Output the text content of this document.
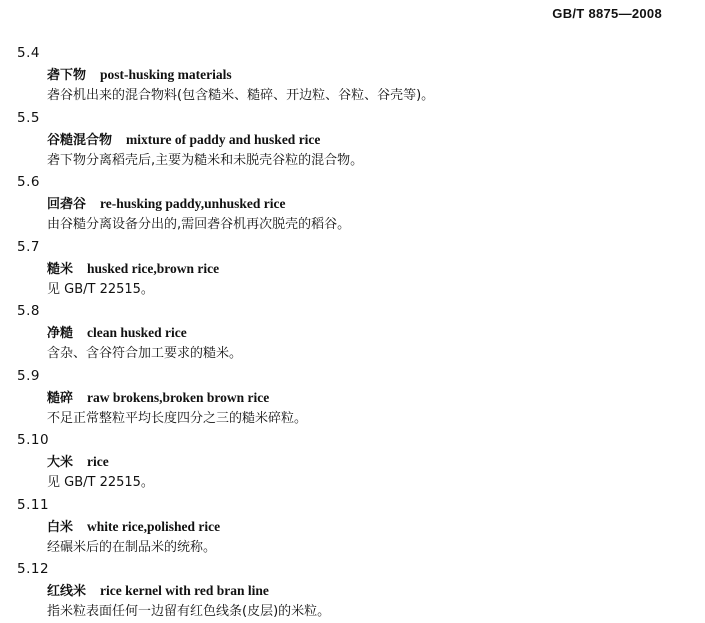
GB/T 8875—2008
5.4
砻下物 post-husking materials
砻谷机出来的混合物料(包含糙米、糙碎、开边粒、谷粒、谷壳等)。
5.5
谷糙混合物 mixture of paddy and husked rice
砻下物分离稻壳后,主要为糙米和未脱壳谷粒的混合物。
5.6
回砻谷 re-husking paddy,unhusked rice
由谷糙分离设备分出的,需回砻谷机再次脱壳的稻谷。
5.7
糙米 husked rice,brown rice
见 GB/T 22515。
5.8
净糙 clean husked rice
含杂、含谷符合加工要求的糙米。
5.9
糙碎 raw brokens,broken brown rice
不足正常整粒平均长度四分之三的糙米碎粒。
5.10
大米 rice
见 GB/T 22515。
5.11
白米 white rice,polished rice
经碾米后的在制品米的统称。
5.12
红线米 rice kernel with red bran line
指米粒表面任何一边留有红色线条(皮层)的米粒。
